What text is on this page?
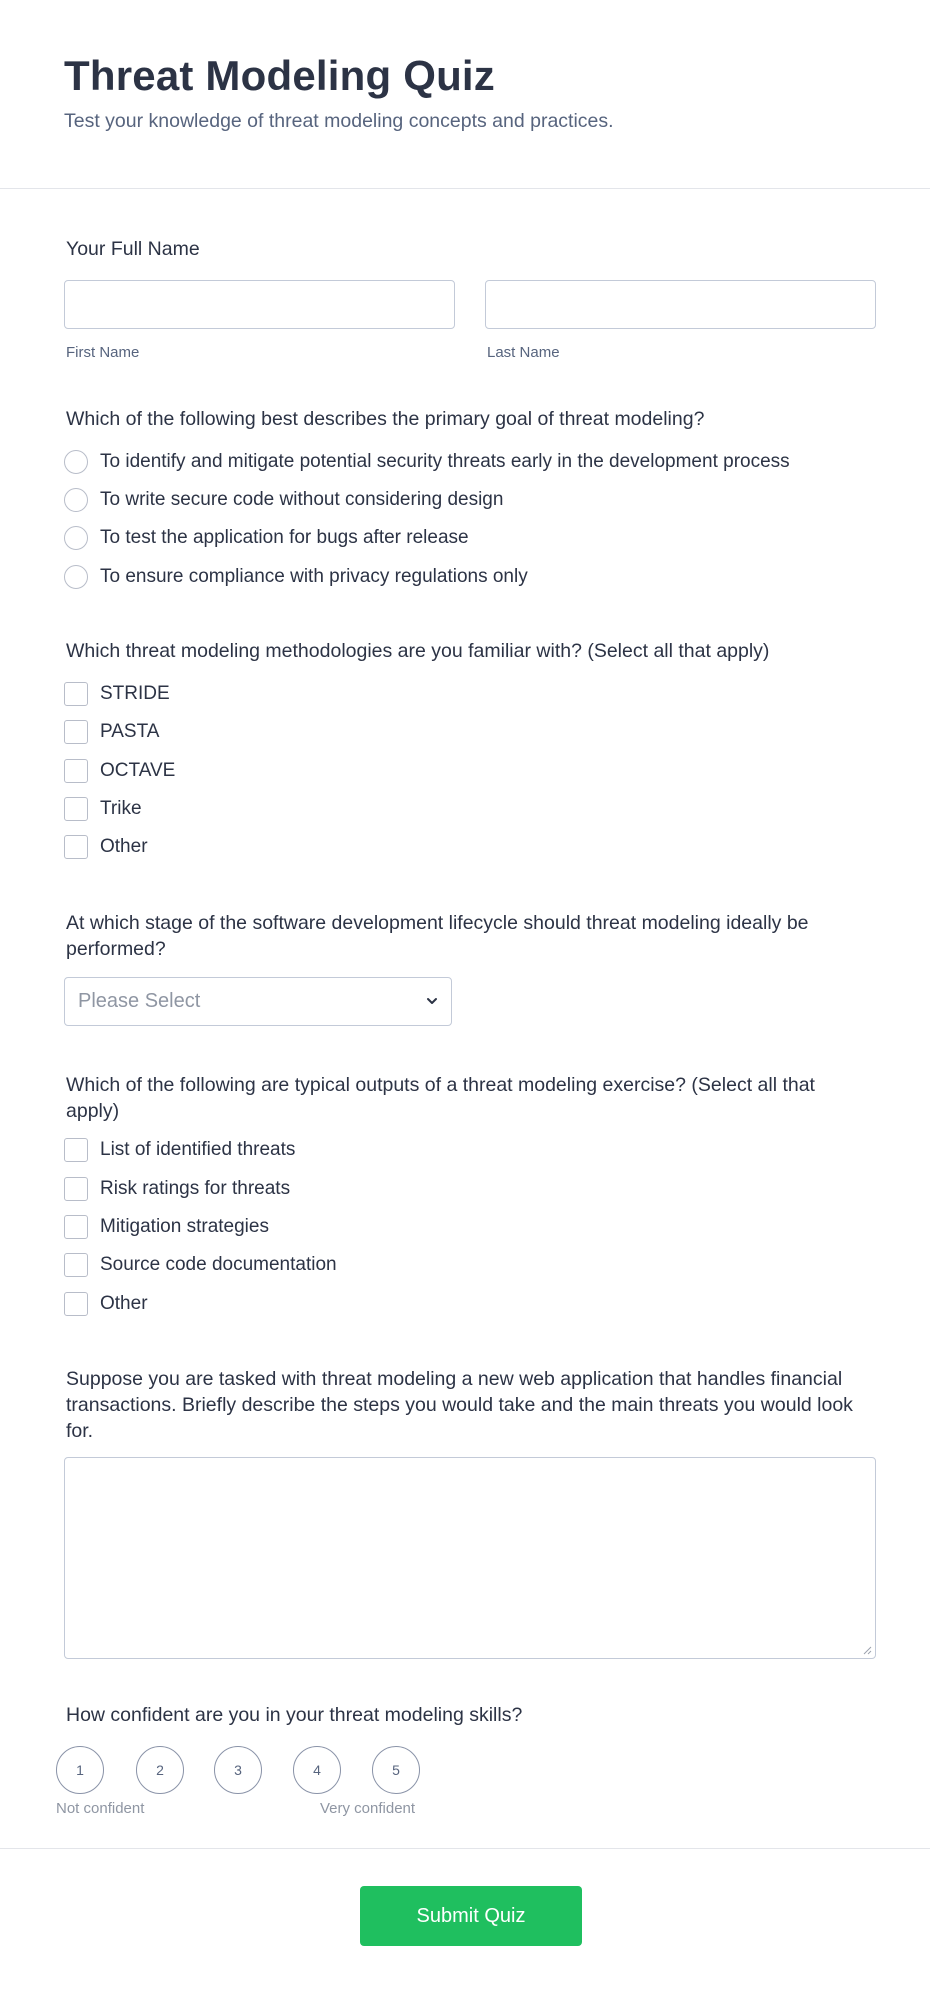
Threat Modeling Quiz
Test your knowledge of threat modeling concepts and practices.
Your Full Name
First Name	Last Name
Which of the following best describes the primary goal of threat modeling?
To identify and mitigate potential security threats early in the development process
To write secure code without considering design
To test the application for bugs after release
To ensure compliance with privacy regulations only
Which threat modeling methodologies are you familiar with? (Select all that apply)
STRIDE
PASTA
OCTAVE
Trike
Other
At which stage of the software development lifecycle should threat modeling ideally be performed?
Please Select
Which of the following are typical outputs of a threat modeling exercise? (Select all that apply)
List of identified threats
Risk ratings for threats
Mitigation strategies
Source code documentation
Other
Suppose you are tasked with threat modeling a new web application that handles financial transactions. Briefly describe the steps you would take and the main threats you would look for.
How confident are you in your threat modeling skills?
1	2	3	4	5
Not confident	Very confident
Submit Quiz
